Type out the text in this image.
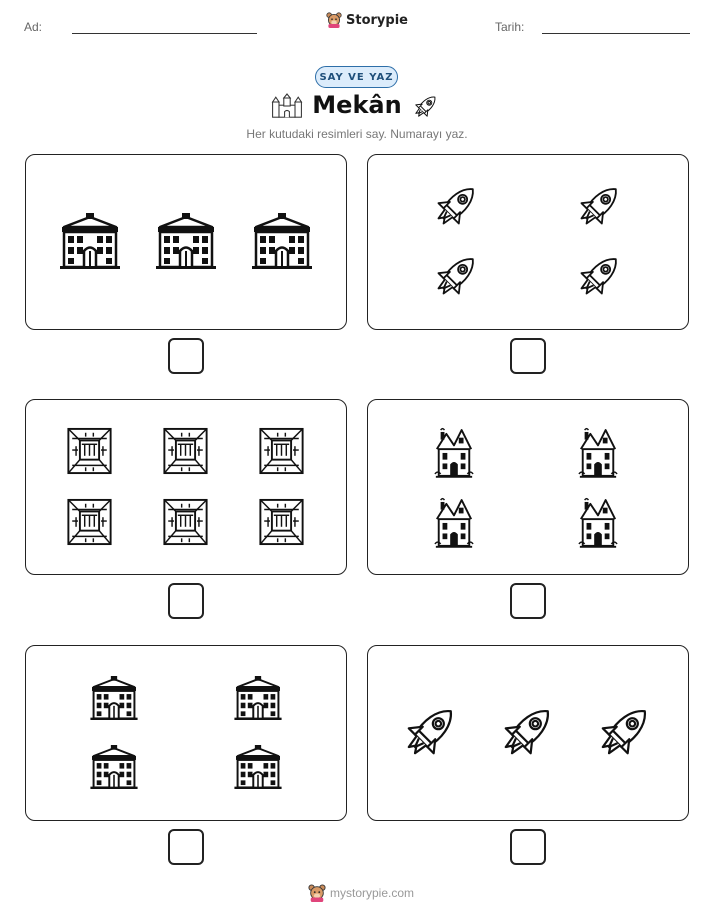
Ad:	Storypie	Tarih:
SAY VE YAZ
Mekân
Her kutudaki resimleri say. Numarayı yaz.
mystorypie.com
